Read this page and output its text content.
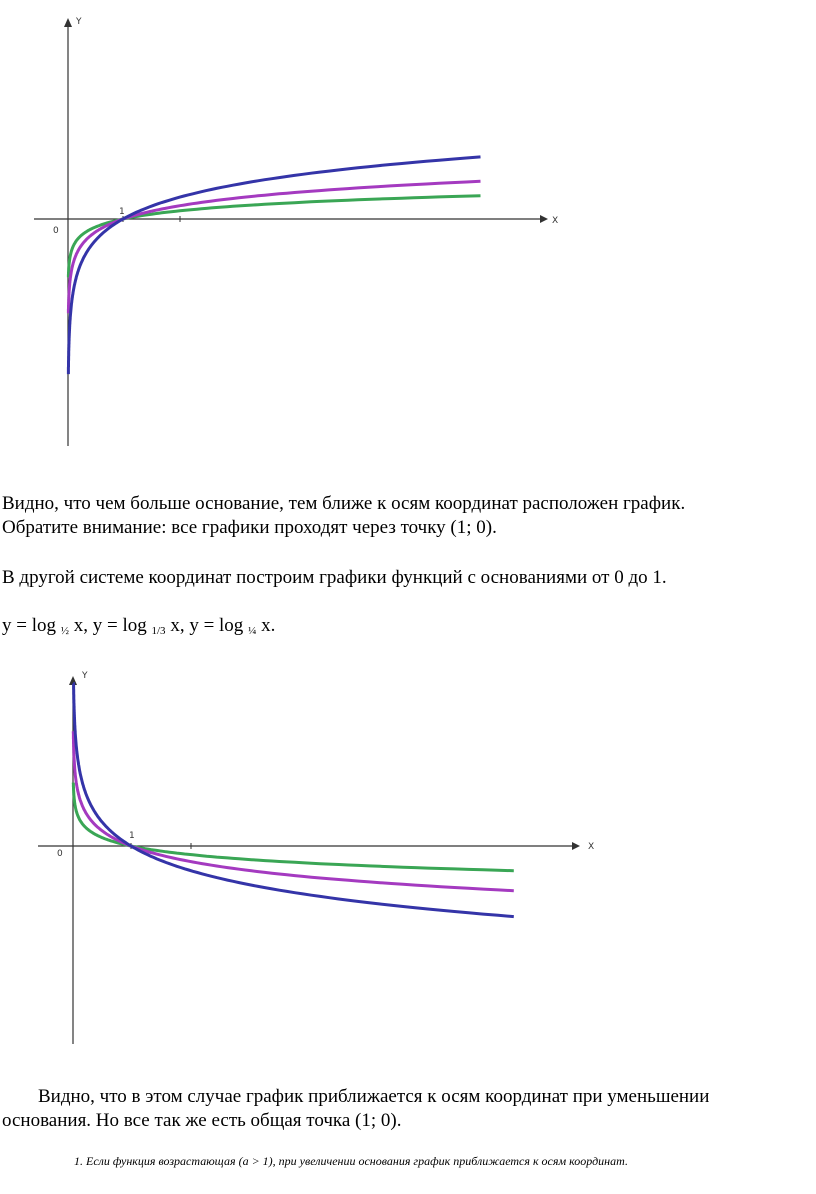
Y
X
0
1
Видно, что чем больше основание, тем ближе к осям координат расположен график.
Обратите внимание: все графики проходят через точку (1; 0).
В другой системе координат построим графики функций с основаниями от 0 до 1.
y = log $_{\frac{1}{2}}$ x, y = log $_{1/3}$ x, y = log $_{\frac{1}{4}}$ x.
Y
X
0
1
Видно, что в этом случае график приближается к осям координат при уменьшении
основания. Но все так же есть общая точка (1; 0).
1. Если функция возрастающая (a > 1), при увеличении основания график приближается к осям координат.
